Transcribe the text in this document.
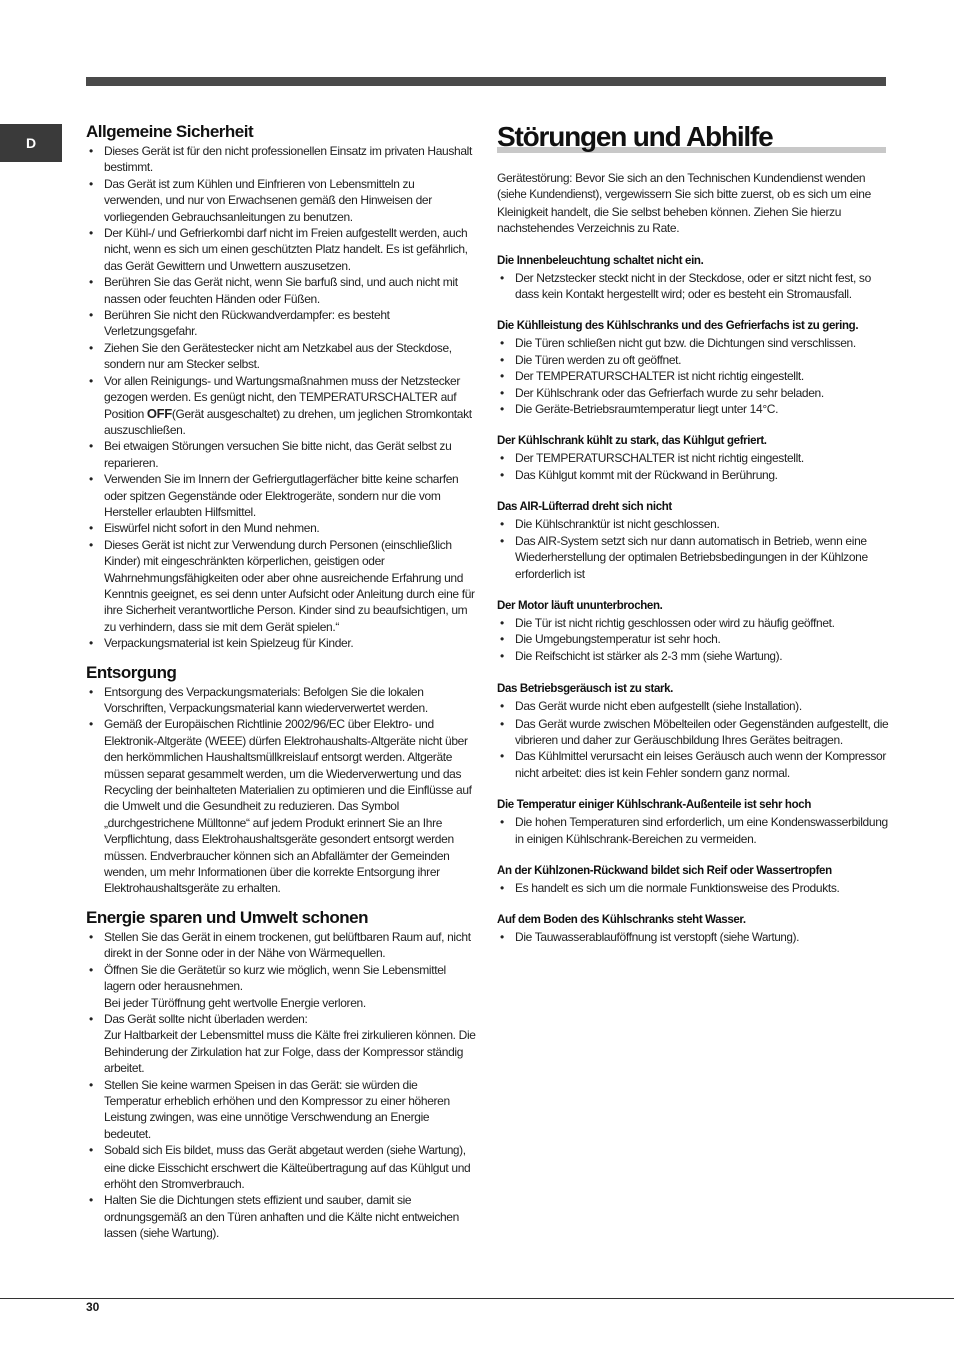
D
Allgemeine Sicherheit
• Dieses Gerät ist für den nicht professionellen Einsatz im privaten Haushalt bestimmt.
• Das Gerät ist zum Kühlen und Einfrieren von Lebensmitteln zu verwenden, und nur von Erwachsenen gemäß den Hinweisen der vorliegenden Gebrauchsanleitungen zu benutzen.
• Der Kühl-/ und Gefrierkombi darf nicht im Freien aufgestellt werden, auch nicht, wenn es sich um einen geschützten Platz handelt. Es ist gefährlich, das Gerät Gewittern und Unwettern auszusetzen.
• Berühren Sie das Gerät nicht, wenn Sie barfuß sind, und auch nicht mit nassen oder feuchten Händen oder Füßen.
• Berühren Sie nicht den Rückwandverdampfer: es besteht Verletzungsgefahr.
• Ziehen Sie den Gerätestecker nicht am Netzkabel aus der Steckdose, sondern nur am Stecker selbst.
• Vor allen Reinigungs- und Wartungsmaßnahmen muss der Netzstecker gezogen werden. Es genügt nicht, den TEMPERATURSCHALTER auf Position OFF(Gerät ausgeschaltet) zu drehen, um jeglichen Stromkontakt auszuschließen.
• Bei etwaigen Störungen versuchen Sie bitte nicht, das Gerät selbst zu reparieren.
• Verwenden Sie im Innern der Gefriergutlagerfächer bitte keine scharfen oder spitzen Gegenstände oder Elektrogeräte, sondern nur die vom Hersteller erlaubten Hilfsmittel.
• Eiswürfel nicht sofort in den Mund nehmen.
• Dieses Gerät ist nicht zur Verwendung durch Personen (einschließlich Kinder) mit eingeschränkten körperlichen, geistigen oder Wahrnehmungsfähigkeiten oder aber ohne ausreichende Erfahrung und Kenntnis geeignet, es sei denn unter Aufsicht oder Anleitung durch eine für ihre Sicherheit verantwortliche Person. Kinder sind zu beaufsichtigen, um zu verhindern, dass sie mit dem Gerät spielen.“
• Verpackungsmaterial ist kein Spielzeug für Kinder.
Entsorgung
• Entsorgung des Verpackungsmaterials: Befolgen Sie die lokalen Vorschriften, Verpackungsmaterial kann wiederverwertet werden.
• Gemäß der Europäischen Richtlinie 2002/96/EC über Elektro- und Elektronik-Altgeräte (WEEE) dürfen Elektrohaushalts-Altgeräte nicht über den herkömmlichen Haushaltsmüllkreislauf entsorgt werden. Altgeräte müssen separat gesammelt werden, um die Wiederverwertung und das Recycling der beinhalteten Materialien zu optimieren und die Einflüsse auf die Umwelt und die Gesundheit zu reduzieren. Das Symbol „durchgestrichene Mülltonne“ auf jedem Produkt erinnert Sie an Ihre Verpflichtung, dass Elektrohaushaltsgeräte gesondert entsorgt werden müssen. Endverbraucher können sich an Abfallämter der Gemeinden wenden, um mehr Informationen über die korrekte Entsorgung ihrer Elektrohaushaltsgeräte zu erhalten.
Energie sparen und Umwelt schonen
• Stellen Sie das Gerät in einem trockenen, gut belüftbaren Raum auf, nicht direkt in der Sonne oder in der Nähe von Wärmequellen.
• Öffnen Sie die Gerätetür so kurz wie möglich, wenn Sie Lebensmittel lagern oder herausnehmen.
Bei jeder Türöffnung geht wertvolle Energie verloren.
• Das Gerät sollte nicht überladen werden:
Zur Haltbarkeit der Lebensmittel muss die Kälte frei zirkulieren können. Die Behinderung der Zirkulation hat zur Folge, dass der Kompressor ständig arbeitet.
• Stellen Sie keine warmen Speisen in das Gerät: sie würden die Temperatur erheblich erhöhen und den Kompressor zu einer höheren Leistung zwingen, was eine unnötige Verschwendung an Energie bedeutet.
• Sobald sich Eis bildet, muss das Gerät abgetaut werden (siehe Wartung), eine dicke Eisschicht erschwert die Kälteübertragung auf das Kühlgut und erhöht den Stromverbrauch.
• Halten Sie die Dichtungen stets effizient und sauber, damit sie ordnungsgemäß an den Türen anhaften und die Kälte nicht entweichen lassen (siehe Wartung).
Störungen und Abhilfe

Gerätestörung: Bevor Sie sich an den Technischen Kundendienst wenden (siehe Kundendienst), vergewissern Sie sich bitte zuerst, ob es sich um eine Kleinigkeit handelt, die Sie selbst beheben können. Ziehen Sie hierzu nachstehendes Verzeichnis zu Rate.

Die Innenbeleuchtung schaltet nicht ein.
• Der Netzstecker steckt nicht in der Steckdose, oder er sitzt nicht fest, so dass kein Kontakt hergestellt wird; oder es besteht ein Stromausfall.
Die Kühlleistung des Kühlschranks und des Gefrierfachs ist zu gering.
• Die Türen schließen nicht gut bzw. die Dichtungen sind verschlissen.
• Die Türen werden zu oft geöffnet.
• Der TEMPERATURSCHALTER ist nicht richtig eingestellt.
• Der Kühlschrank oder das Gefrierfach wurde zu sehr beladen.
• Die Geräte-Betriebsraumtemperatur liegt unter 14°C.
Der Kühlschrank kühlt zu stark, das Kühlgut gefriert.
• Der TEMPERATURSCHALTER ist nicht richtig eingestellt.
• Das Kühlgut kommt mit der Rückwand in Berührung.
Das AIR-Lüfterrad dreht sich nicht
• Die Kühlschranktür ist nicht geschlossen.
• Das AIR-System setzt sich nur dann automatisch in Betrieb, wenn eine Wiederherstellung der optimalen Betriebsbedingungen in der Kühlzone erforderlich ist
Der Motor läuft ununterbrochen.
• Die Tür ist nicht richtig geschlossen oder wird zu häufig geöffnet.
• Die Umgebungstemperatur ist sehr hoch.
• Die Reifschicht ist stärker als 2-3 mm (siehe Wartung).
Das Betriebsgeräusch ist zu stark.
• Das Gerät wurde nicht eben aufgestellt (siehe Installation).
• Das Gerät wurde zwischen Möbelteilen oder Gegenständen aufgestellt, die vibrieren und daher zur Geräuschbildung Ihres Gerätes beitragen.
• Das Kühlmittel verursacht ein leises Geräusch auch wenn der Kompressor nicht arbeitet: dies ist kein Fehler sondern ganz normal.
Die Temperatur einiger Kühlschrank-Außenteile ist sehr hoch
• Die hohen Temperaturen sind erforderlich, um eine Kondenswasserbildung in einigen Kühlschrank-Bereichen zu vermeiden.
An der Kühlzonen-Rückwand bildet sich Reif oder Wassertropfen
• Es handelt es sich um die normale Funktionsweise des Produkts.
Auf dem Boden des Kühlschranks steht Wasser.
• Die Tauwasserablauföffnung ist verstopft (siehe Wartung).
30
